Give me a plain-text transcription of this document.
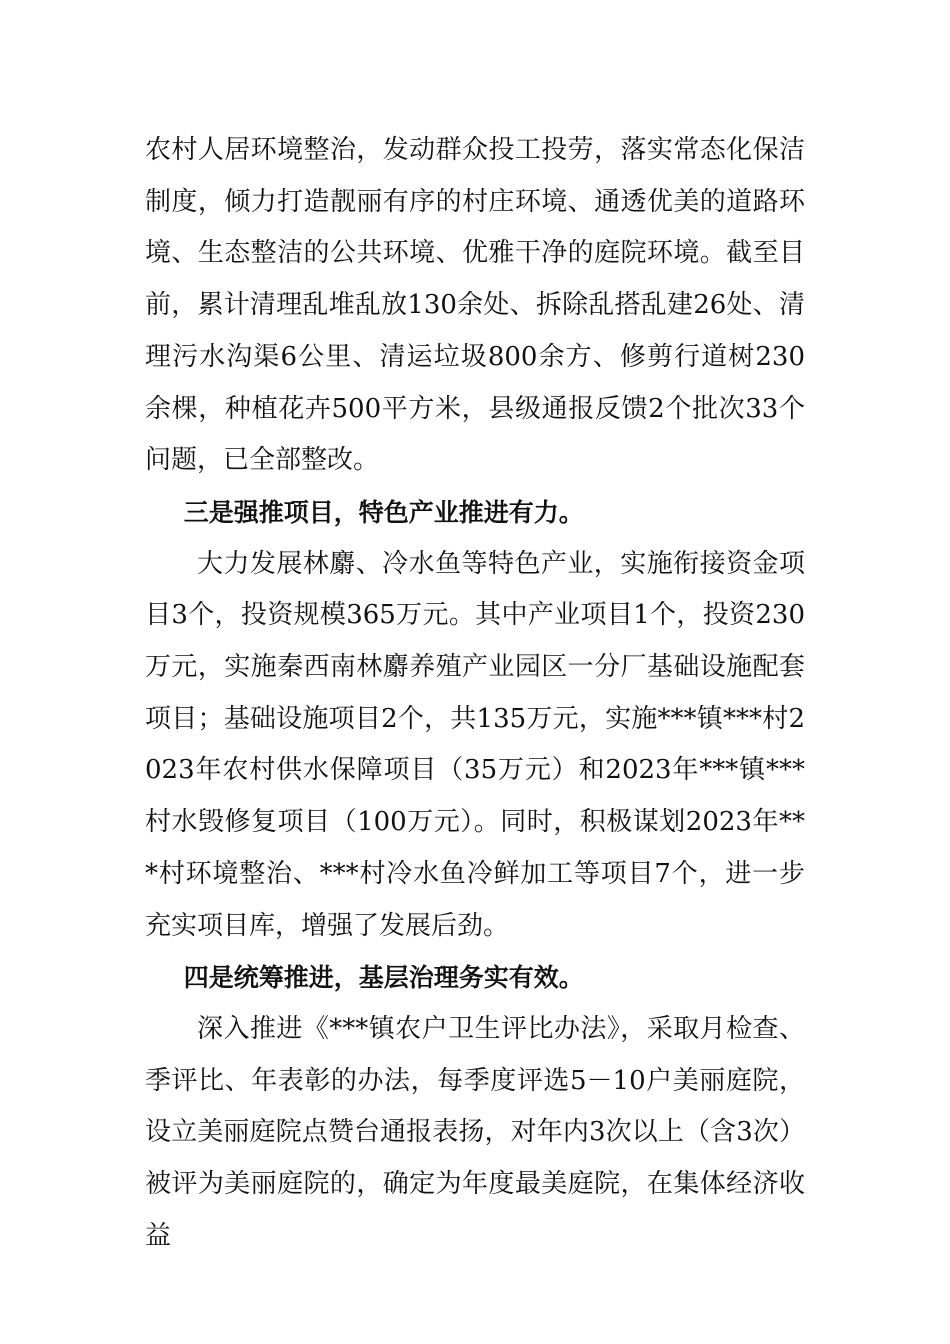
农村人居环境整治，发动群众投工投劳，落实常态化保洁制度，倾力打造靓丽有序的村庄环境、通透优美的道路环境、生态整洁的公共环境、优雅干净的庭院环境。截至目前，累计清理乱堆乱放130余处、拆除乱搭乱建26处、清理污水沟渠6公里、清运垃圾800余方、修剪行道树230余棵，种植花卉500平方米，县级通报反馈2个批次33个问题，已全部整改。

三是强推项目，特色产业推进有力。

大力发展林麝、冷水鱼等特色产业，实施衔接资金项目3个，投资规模365万元。其中产业项目1个，投资230万元，实施秦西南林麝养殖产业园区一分厂基础设施配套项目；基础设施项目2个，共135万元，实施***镇***村2023年农村供水保障项目（35万元）和2023年***镇***村水毁修复项目（100万元）。同时，积极谋划2023年***村环境整治、***村冷水鱼冷鲜加工等项目7个，进一步充实项目库，增强了发展后劲。

四是统筹推进，基层治理务实有效。

深入推进《***镇农户卫生评比办法》，采取月检查、季评比、年表彰的办法，每季度评选5－10户美丽庭院，设立美丽庭院点赞台通报表扬，对年内3次以上（含3次）被评为美丽庭院的，确定为年度最美庭院，在集体经济收益
